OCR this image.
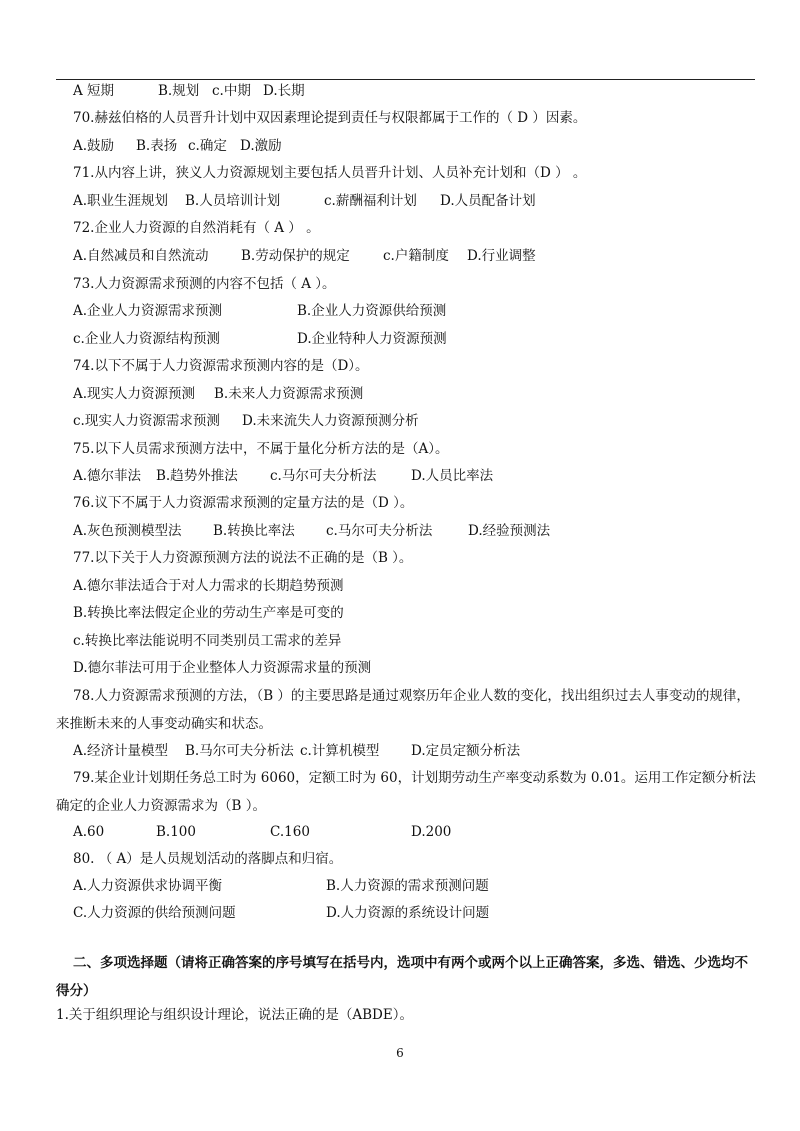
A 短期	B.规划 c.中期 D.长期
70.赫兹伯格的人员晋升计划中双因素理论提到责任与权限都属于工作的（ D ）因素。
A.鼓励 B.表扬 c.确定 D.激励
71.从内容上讲，狭义人力资源规划主要包括人员晋升计划、人员补充计划和（D ） 。
A.职业生涯规划 B.人员培训计划	c.薪酬福利计划 D.人员配备计划
72.企业人力资源的自然消耗有（ A ） 。
A.自然减员和自然流动 B.劳动保护的规定 c.户籍制度 D.行业调整
73.人力资源需求预测的内容不包括（ A ）。
A.企业人力资源需求预测	B.企业人力资源供给预测
c.企业人力资源结构预测	D.企业特种人力资源预测
74.以下不属于人力资源需求预测内容的是（D）。
A.现实人力资源预测 B.未来人力资源需求预测
c.现实人力资源需求预测 D.未来流失人力资源预测分析
75.以下人员需求预测方法中，不属于量化分析方法的是（A）。
A.德尔菲法 B.趋势外推法 c.马尔可夫分析法	D.人员比率法
76.议下不属于人力资源需求预测的定量方法的是（D ）。
A.灰色预测模型法 B.转换比率法 c.马尔可夫分析法	D.经验预测法
77.以下关于人力资源预测方法的说法不正确的是（B ）。
A.德尔菲法适合于对人力需求的长期趋势预测
B.转换比率法假定企业的劳动生产率是可变的
c.转换比率法能说明不同类别员工需求的差异
D.德尔菲法可用于企业整体人力资源需求量的预测
78.人力资源需求预测的方法，（B ）的主要思路是通过观察历年企业人数的变化，找出组织过去人事变动的规律，来推断未来的人事变动确实和状态。
A.经济计量模型 B.马尔可夫分析法 c.计算机模型 D.定员定额分析法
79.某企业计划期任务总工时为 6060，定额工时为 60，计划期劳动生产率变动系数为 0.01。运用工作定额分析法确定的企业人力资源需求为（B ）。
A.60	B.100	C.160	D.200
80. （ A）是人员规划活动的落脚点和归宿。
A.人力资源供求协调平衡	B.人力资源的需求预测问题
C.人力资源的供给预测问题	D.人力资源的系统设计问题
二、多项选择题（请将正确答案的序号填写在括号内，选项中有两个或两个以上正确答案，多选、错选、少选均不得分）
1.关于组织理论与组织设计理论，说法正确的是（ABDE）。
6
